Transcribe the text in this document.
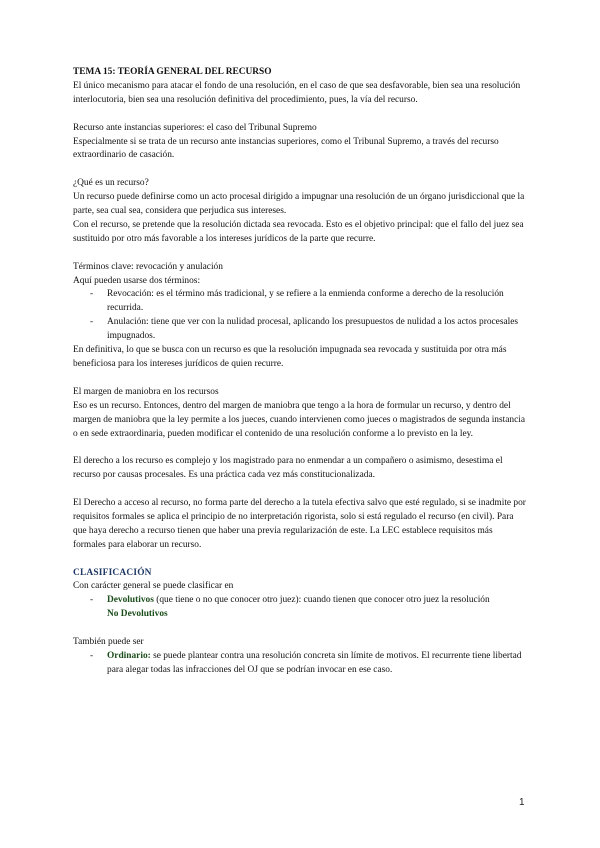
TEMA 15: TEORÍA GENERAL DEL RECURSO

El único mecanismo para atacar el fondo de una resolución, en el caso de que sea desfavorable, bien sea una resolución interlocutoria, bien sea una resolución definitiva del procedimiento, pues, la vía del recurso.

Recurso ante instancias superiores: el caso del Tribunal Supremo

Especialmente si se trata de un recurso ante instancias superiores, como el Tribunal Supremo, a través del recurso extraordinario de casación.

¿Qué es un recurso?

Un recurso puede definirse como un acto procesal dirigido a impugnar una resolución de un órgano jurisdiccional que la parte, sea cual sea, considera que perjudica sus intereses.

Con el recurso, se pretende que la resolución dictada sea revocada. Esto es el objetivo principal: que el fallo del juez sea sustituido por otro más favorable a los intereses jurídicos de la parte que recurre.

Términos clave: revocación y anulación

Aquí pueden usarse dos términos:

- Revocación: es el término más tradicional, y se refiere a la enmienda conforme a derecho de la resolución recurrida.
- Anulación: tiene que ver con la nulidad procesal, aplicando los presupuestos de nulidad a los actos procesales impugnados.

En definitiva, lo que se busca con un recurso es que la resolución impugnada sea revocada y sustituida por otra más beneficiosa para los intereses jurídicos de quien recurre.

El margen de maniobra en los recursos

Eso es un recurso. Entonces, dentro del margen de maniobra que tengo a la hora de formular un recurso, y dentro del margen de maniobra que la ley permite a los jueces, cuando intervienen como jueces o magistrados de segunda instancia o en sede extraordinaria, pueden modificar el contenido de una resolución conforme a lo previsto en la ley.

El derecho a los recurso es complejo y los magistrado para no enmendar a un compañero o asimismo, desestima el recurso por causas procesales. Es una práctica cada vez más constitucionalizada.

El Derecho a acceso al recurso, no forma parte del derecho a la tutela efectiva salvo que esté regulado, si se inadmite por requisitos formales se aplica el principio de no interpretación rigorista, solo si está regulado el recurso (en civil). Para que haya derecho a recurso tienen que haber una previa regularización de este. La LEC establece requisitos más formales para elaborar un recurso.

CLASIFICACIÓN

Con carácter general se puede clasificar en

- Devolutivos (que tiene o no que conocer otro juez): cuando tienen que conocer otro juez la resolución

No Devolutivos

También puede ser

- Ordinario: se puede plantear contra una resolución concreta sin límite de motivos. El recurrente tiene libertad para alegar todas las infracciones del OJ que se podrían invocar en ese caso.
1
